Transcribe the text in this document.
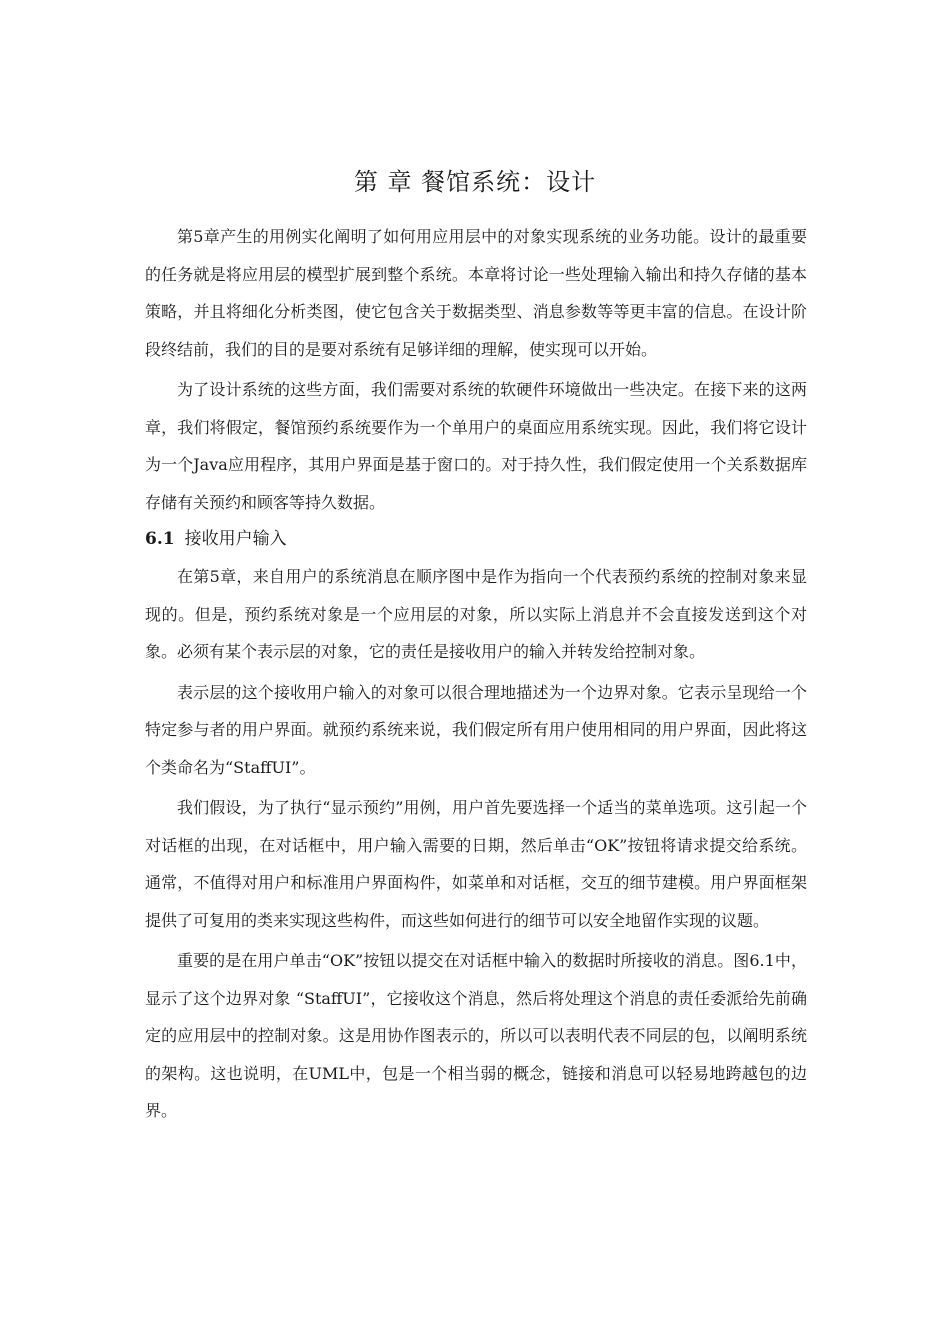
第 章 餐馆系统：设计

第5章产生的用例实化阐明了如何用应用层中的对象实现系统的业务功能。设计的最重要的任务就是将应用层的模型扩展到整个系统。本章将讨论一些处理输入输出和持久存储的基本策略，并且将细化分析类图，使它包含关于数据类型、消息参数等等更丰富的信息。在设计阶段终结前，我们的目的是要对系统有足够详细的理解，使实现可以开始。

为了设计系统的这些方面，我们需要对系统的软硬件环境做出一些决定。在接下来的这两章，我们将假定，餐馆预约系统要作为一个单用户的桌面应用系统实现。因此，我们将它设计为一个Java应用程序，其用户界面是基于窗口的。对于持久性，我们假定使用一个关系数据库存储有关预约和顾客等持久数据。

6.1 接收用户输入

在第5章，来自用户的系统消息在顺序图中是作为指向一个代表预约系统的控制对象来显现的。但是，预约系统对象是一个应用层的对象，所以实际上消息并不会直接发送到这个对象。必须有某个表示层的对象，它的责任是接收用户的输入并转发给控制对象。

表示层的这个接收用户输入的对象可以很合理地描述为一个边界对象。它表示呈现给一个特定参与者的用户界面。就预约系统来说，我们假定所有用户使用相同的用户界面，因此将这个类命名为“StaffUI”。

我们假设，为了执行“显示预约”用例，用户首先要选择一个适当的菜单选项。这引起一个对话框的出现，在对话框中，用户输入需要的日期，然后单击“OK”按钮将请求提交给系统。通常，不值得对用户和标准用户界面构件，如菜单和对话框，交互的细节建模。用户界面框架提供了可复用的类来实现这些构件，而这些如何进行的细节可以安全地留作实现的议题。

重要的是在用户单击“OK”按钮以提交在对话框中输入的数据时所接收的消息。图6.1中，显示了这个边界对象 “StaffUI”，它接收这个消息，然后将处理这个消息的责任委派给先前确定的应用层中的控制对象。这是用协作图表示的，所以可以表明代表不同层的包，以阐明系统的架构。这也说明，在UML中，包是一个相当弱的概念，链接和消息可以轻易地跨越包的边界。
